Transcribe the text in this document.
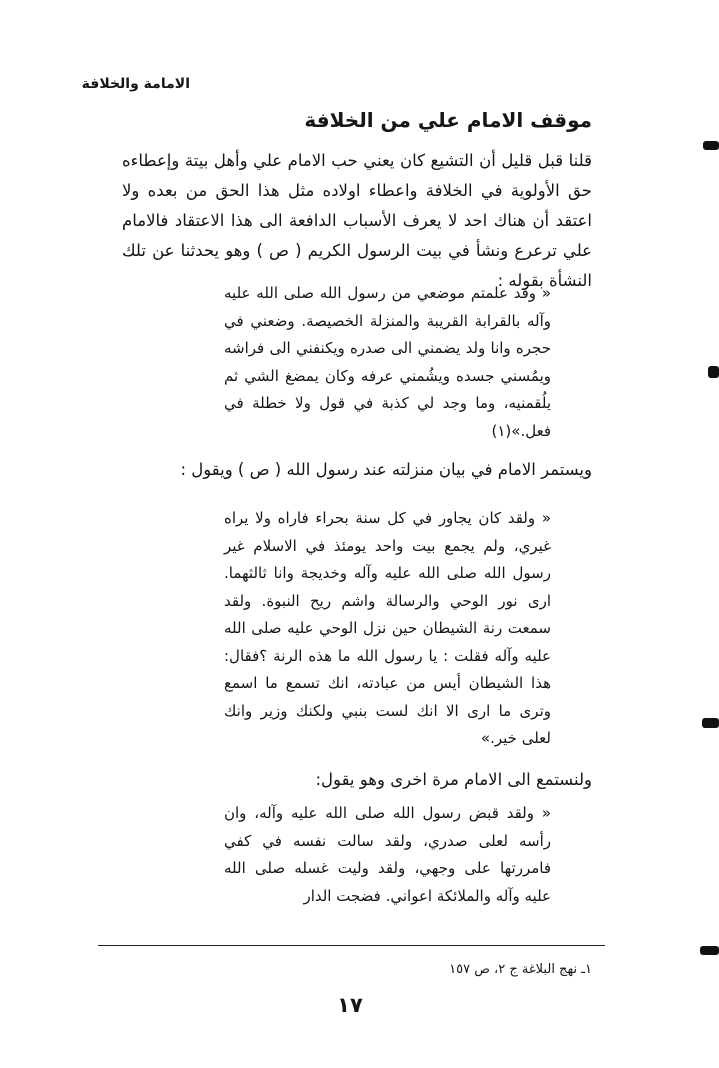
الامامة والخلافة
موقف الامام علي من الخلافة
قلنا قبل قليل أن التشيع كان يعني حب الامام علي وأهل بيتة وإعطاءه حق الأولوية في الخلافة واعطاء اولاده مثل هذا الحق من بعده ولا اعتقد أن هناك احد لا يعرف الأسباب الدافعة الى هذا الاعتقاد فالامام علي ترعرع ونشأ في بيت الرسول الكريم ( ص ) وهو يحدثنا عن تلك النشأة بقوله :
« وقد علمتم موضعي من رسول الله صلى الله عليه وآله بالقرابة القريبة والمنزلة الخصيصة. وضعني في حجره وانا ولد يضمني الى صدره ويكنفني الى فراشه ويمُسني جسده ويشُمني عرفه وكان يمضغ الشي ثم يلُقمنيه، وما وجد لي كذبة في قول ولا خطلة في فعل.»(١)
ويستمر الامام في بيان منزلته عند رسول الله ( ص ) ويقول :
« ولقد كان يجاور في كل سنة بحراء فاراه ولا يراه غيري، ولم يجمع بيت واحد يومئذ في الاسلام غير رسول الله صلى الله عليه وآله وخديجة وانا ثالثهما. ارى نور الوحي والرسالة واشم ريح النبوة. ولقد سمعت رنة الشيطان حين نزل الوحي عليه صلى الله عليه وآله فقلت : يا رسول الله ما هذه الرنة ؟فقال: هذا الشيطان أيس من عبادته، انك تسمع ما اسمع وترى ما ارى الا انك لست بنبي ولكنك وزير وانك لعلى خير.»
ولنستمع الى الامام مرة اخرى وهو يقول:
« ولقد قبض رسول الله صلى الله عليه وآله، وان رأسه لعلى صدري، ولقد سالت نفسه في كفي فامررتها على وجهي، ولقد وليت غسله صلى الله عليه وآله والملائكة اعواني. فضجت الدار
١ـ نهج البلاغة ج ٢، ص ١٥٧
١٧
